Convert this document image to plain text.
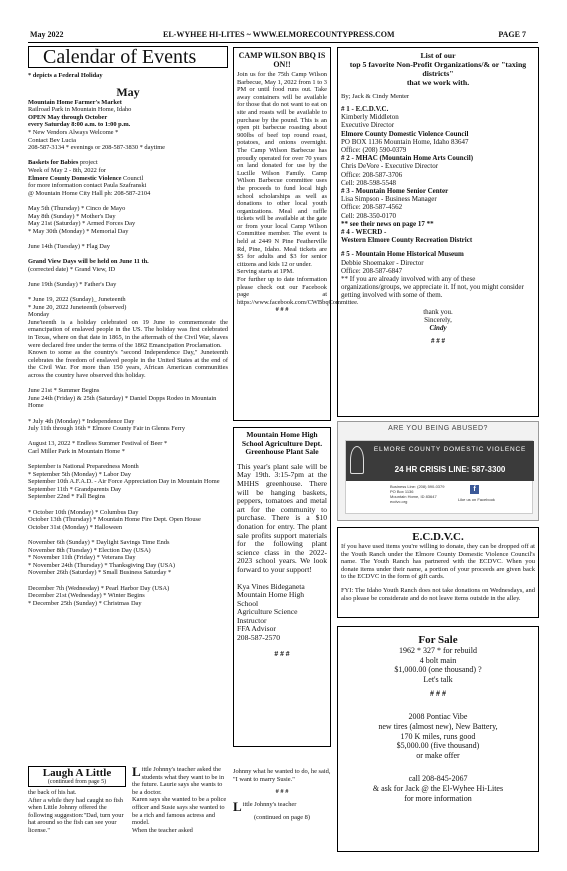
May 2022	EL-WYHEE HI-LITES ~ WWW.ELMORECOUNTYPRESS.COM	PAGE 7
Calendar of Events
* depicts a Federal Holiday
May
Mountain Home Farmer's Market
Railroad Park in Mountain Home, Idaho
OPEN May through October
every Saturday 8:00 a.m. to 1:00 p.m.
* New Vendors Always Welcome *
Contact Bev Lucia
208-587-3134 * evenings or 208-587-3830 * daytime
Baskets for Babies project
Week of May 2 - 8th, 2022 for
Elmore County Domestic Violence Council
for more information contact Paula Szafranski
@ Mountain Home City Hall ph: 208-587-2104
May 5th (Thursday) * Cinco de Mayo
May 8th (Sunday) * Mother's Day
May 21st (Saturday) * Armed Forces Day
* May 30th (Monday) * Memorial Day
June 14th (Tuesday) * Flag Day
Grand View Days will be held on June 11 th.
(corrected date) * Grand View, ID
June 19th (Sunday) * Father's Day
* June 19, 2022 (Sunday)_ Juneteenth
* June 20, 2022 Juneteenth (observed)
Monday
June'teenth is a holiday celebrated on 19 June to commemorate the emancipation of enslaved people in the US. The holiday was first celebrated in Texas, where on that date in 1865, in the aftermath of the Civil War, slaves were declared free under the terms of the 1862 Emancipation Proclamation.
Known to some as the country's "second Independence Day," Juneteenth celebrates the freedom of enslaved people in the United States at the end of the Civil War. For more than 150 years, African American communities across the country have observed this holiday.
June 21st * Summer Begins
June 24th (Friday) & 25th (Saturday) * Daniel Dopps Rodeo in Mountain Home
* July 4th (Monday) * Independence Day
July 11th through 16th * Elmore County Fair in Glenns Ferry
August 13, 2022 * Endless Summer Festival of Beer *
Carl Miller Park in Mountain Home *
September is National Preparedness Month
* September 5th (Monday) * Labor Day
September 10th A.F.A.D. - Air Force Appreciation Day in Mountain Home
September 11th * Grandparents Day
September 22nd * Fall Begins
* October 10th (Monday) * Columbus Day
October 13th (Thursday) * Mountain Home Fire Dept. Open House
October 31st (Monday) * Halloween
November 6th (Sunday) * Daylight Savings Time Ends
November 8th (Tuesday) * Election Day (USA)
* November 11th (Friday) * Veterans Day
* November 24th (Thursday) * Thanksgiving Day (USA)
November 26th (Saturday) * Small Business Saturday *
December 7th (Wednesday) * Pearl Harbor Day (USA)
December 21st (Wednesday) * Winter Begins
* December 25th (Sunday) * Christmas Day
Laugh A Little
(continued from page 5)
the back of his hat.
After a while they had caught no fish when Little Johnny offered the following suggestion:"Dad, turn your hat around so the fish can see your license."
Little Johnny's teacher asked the students what they want to be in the future. Laurie says she wants to be a doctor.
Karen says she wanted to be a police officer and Susie says she wanted to be a rich and famous actress and model.
When the teacher asked
CAMP WILSON BBQ IS ON!!
Join us for the 75th Camp Wilson Barbecue, May 1, 2022 from 1 to 3 PM or until food runs out. Take away containers will be available for those that do not want to eat on site and roasts will be available to purchase by the pound. This is an open pit barbecue roasting about 900lbs of beef top round roast, potatoes, and onions overnight. The Camp Wilson Barbecue has proudly operated for over 70 years on land donated for use by the Lucille Wilson Family. Camp Wilson Barbecue committee uses the proceeds to fund local high school scholarships as well as donations to other local youth organizations. Meal and raffle tickets will be available at the gate or from your local Camp Wilson Committee member. The event is held at 2449 N Pine Featherville Rd, Pine, Idaho. Meal tickets are $5 for adults and $3 for senior citizens and kids 12 or under.
Serving starts at 1PM.
For further up to date information please check out our Facebook page at https://www.facebook.com/CWBbqCommittee.
# # #
Mountain Home High School Agriculture Dept. Greenhouse Plant Sale
This year's plant sale will be May 19th. 3:15-7pm at the MHHS greenhouse. There will be hanging baskets, peppers, tomatoes and metal art for the community to purchase. There is a $10 donation for entry. The plant sale profits support materials for the following plant science class in the 2022-2023 school years. We look forward to your support!
Kya Vines Bideganeta
Mountain Home High School
Agriculture Science Instructor
FFA Advisor
208-587-2570
# # #
Johnny what he wanted to do, he said, "I want to marry Susie."
# # #
Little Johnny's teacher
(continued on page 8)
List of our
top 5 favorite Non-Profit Organizations/& or "taxing districts"
that we work with.
By; Jack & Cindy Menter
# 1 - E.C.D.V.C.
Kimberly Middleton
Executive Director
Elmore County Domestic Violence Council
PO BOX 1136 Mountain Home, Idaho 83647
Office: (208) 590-0379
# 2 - MHAC (Mountain Home Arts Council)
Chris DeVore - Executive Director
Office: 208-587-3706
Cell: 208-598-5548
# 3 - Mountain Home Senior Center
Lisa Simpson - Business Manager
Office: 208-587-4562
Cell: 208-350-0170
** see their news on page 17 **
# 4 - WECRD -
Western Elmore County Recreation District
# 5 - Mountain Home Historical Museum
Debbie Shoemaker - Director
Office: 208-587-6847
** If you are already involved with any of these organizations/groups, we appreciate it. If not, you might consider getting involved with some of them.
thank you.
Sincerely,
Cindy
# # #
ARE YOU BEING ABUSED?
ELMORE COUNTY DOMESTIC VIOLENCE
24 HR CRISIS LINE: 587-3300
Business Line: (208) 590-0379
PO Box 1136
Mountain Home, ID 83647
ecdvc.org
f
Like us on Facebook
E.C.D.V.C.
If you have used items you're willing to donate, they can be dropped off at the Youth Ranch under the Elmore County Domestic Violence Council's name. The Youth Ranch has partnered with the ECDVC. When you donate items under their name, a portion of your proceeds are given back to the ECDVC in the form of gift cards.
FYI: The Idaho Youth Ranch does not take donations on Wednesdays, and also please be considerate and do not leave items outside in the alley.
For Sale
1962 * 327 * for rebuild
4 bolt main
$1,000.00 (one thousand) ?
Let's talk
# # #
2008 Pontiac Vibe
new tires (almost new), New Battery,
170 K miles, runs good
$5,000.00 (five thousand)
or make offer
call 208-845-2067
& ask for Jack @ the El-Wyhee Hi-Lites
for more information
